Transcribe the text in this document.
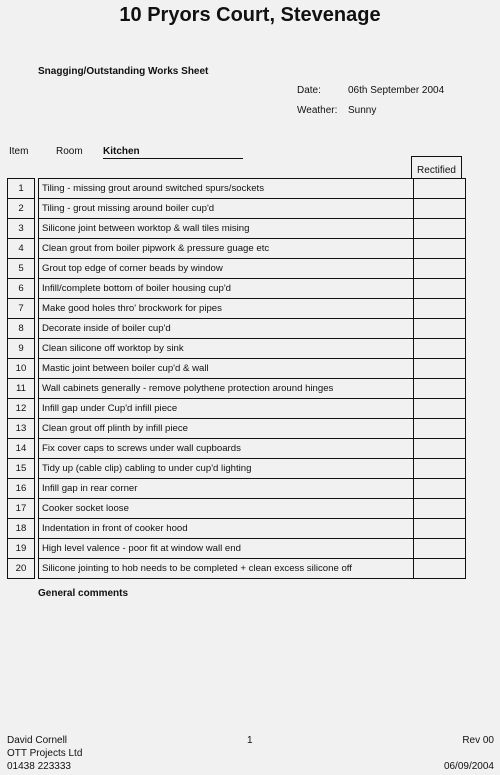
10 Pryors Court, Stevenage
Snagging/Outstanding Works Sheet
Date:	06th September 2004
Weather: Sunny
Item	Room Kitchen
Rectified
1		Tiling - missing grout around switched spurs/sockets	
2		Tiling - grout missing around boiler cup'd	
3		Silicone joint between worktop & wall tiles mising	
4		Clean grout from boiler pipwork & pressure guage etc	
5		Grout top edge of corner beads by window	
6		Infill/complete bottom of boiler housing cup'd	
7		Make good holes thro' brockwork for pipes	
8		Decorate inside of boiler cup'd	
9		Clean silicone off worktop by sink	
10		Mastic joint between boiler cup'd & wall	
11		Wall cabinets generally - remove polythene protection around hinges	
12		Infill gap under Cup'd infill piece	
13		Clean grout off plinth by infill piece	
14		Fix cover caps to screws under wall cupboards	
15		Tidy up (cable clip) cabling to under cup'd lighting	
16		Infill gap in rear corner	
17		Cooker socket loose	
18		Indentation in front of cooker hood	
19		High level valence - poor fit at window wall end	
20		Silicone jointing to hob needs to be completed + clean excess silicone off	
General comments
David Cornell
OTT Projects Ltd
01438 223333
1	Rev 00
06/09/2004
